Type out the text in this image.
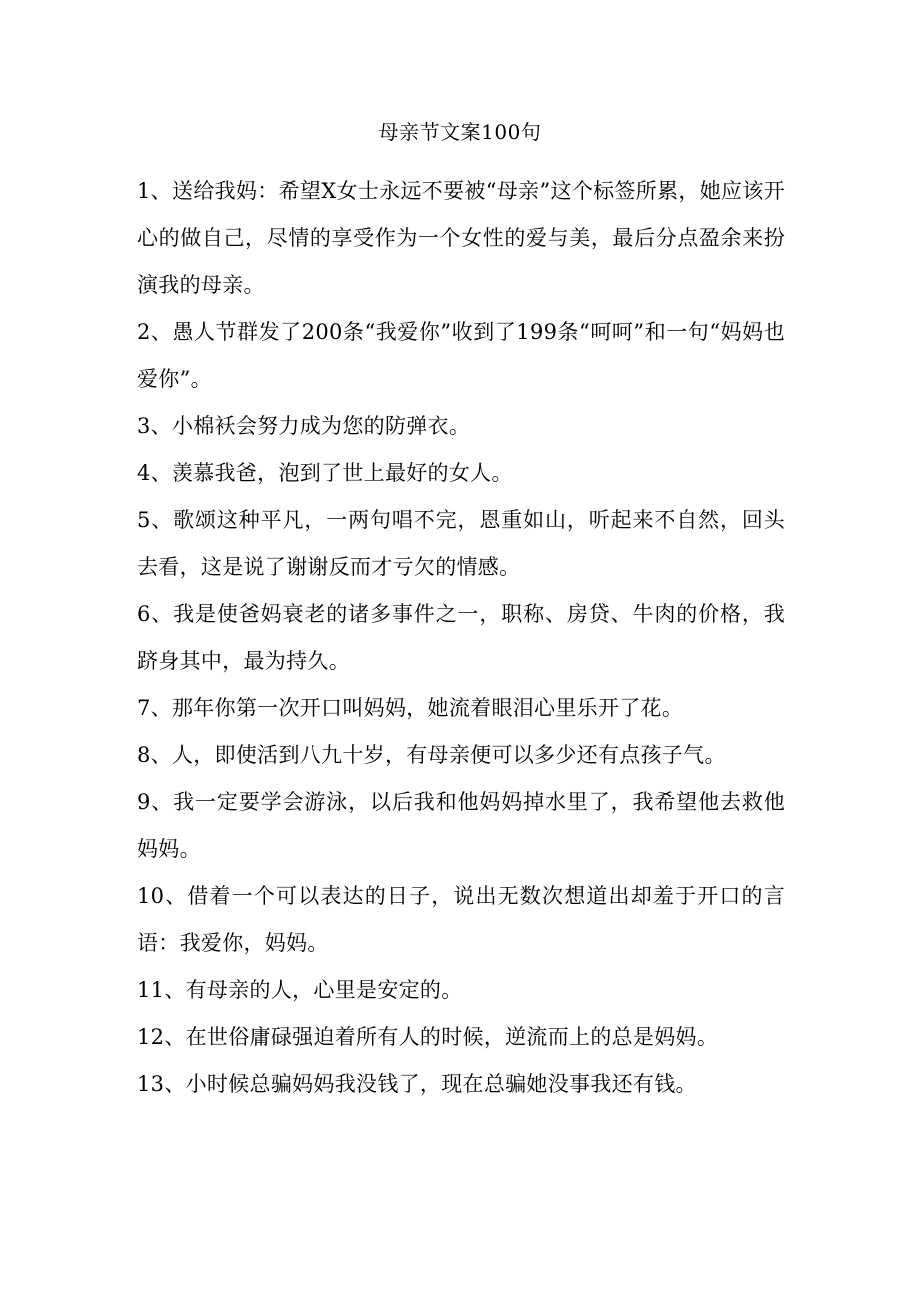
母亲节文案100句

1、送给我妈：希望X女士永远不要被“母亲”这个标签所累，她应该开心的做自己，尽情的享受作为一个女性的爱与美，最后分点盈余来扮演我的母亲。

2、愚人节群发了200条“我爱你”收到了199条“呵呵”和一句“妈妈也爱你”。

3、小棉袄会努力成为您的防弹衣。

4、羡慕我爸，泡到了世上最好的女人。

5、歌颂这种平凡，一两句唱不完，恩重如山，听起来不自然，回头去看，这是说了谢谢反而才亏欠的情感。

6、我是使爸妈衰老的诸多事件之一，职称、房贷、牛肉的价格，我跻身其中，最为持久。

7、那年你第一次开口叫妈妈，她流着眼泪心里乐开了花。

8、人，即使活到八九十岁，有母亲便可以多少还有点孩子气。

9、我一定要学会游泳，以后我和他妈妈掉水里了，我希望他去救他妈妈。

10、借着一个可以表达的日子，说出无数次想道出却羞于开口的言语：我爱你，妈妈。

11、有母亲的人，心里是安定的。

12、在世俗庸碌强迫着所有人的时候，逆流而上的总是妈妈。

13、小时候总骗妈妈我没钱了，现在总骗她没事我还有钱。
